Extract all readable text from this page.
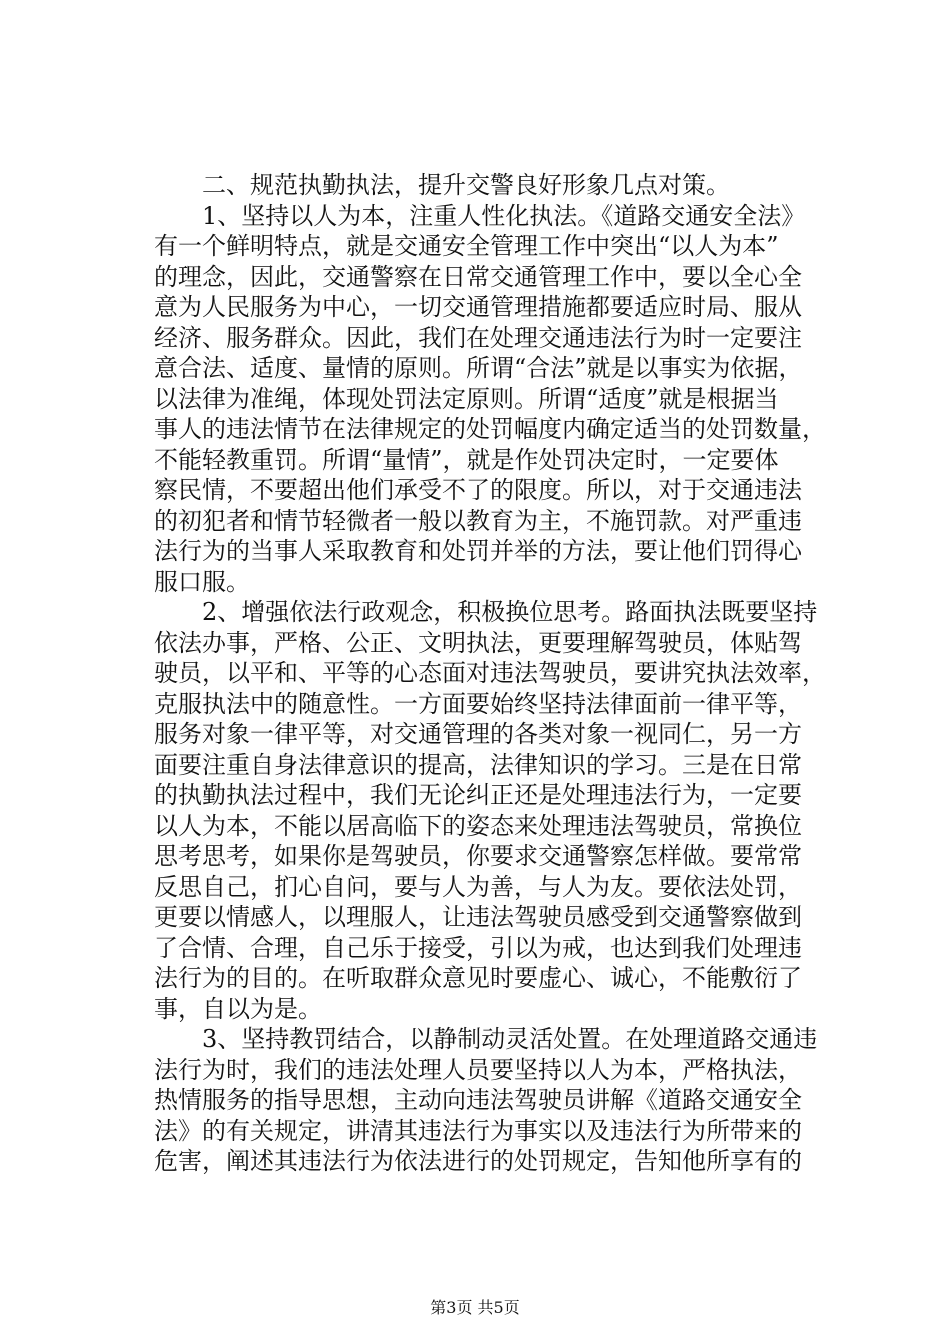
　　二、规范执勤执法，提升交警良好形象几点对策。
　　1、坚持以人为本，注重人性化执法。《道路交通安全法》
有一个鲜明特点，就是交通安全管理工作中突出“以人为本”
的理念，因此，交通警察在日常交通管理工作中，要以全心全
意为人民服务为中心，一切交通管理措施都要适应时局、服从
经济、服务群众。因此，我们在处理交通违法行为时一定要注
意合法、适度、量情的原则。所谓“合法”就是以事实为依据，
以法律为准绳，体现处罚法定原则。所谓“适度”就是根据当
事人的违法情节在法律规定的处罚幅度内确定适当的处罚数量，
不能轻教重罚。所谓“量情”，就是作处罚决定时，一定要体
察民情，不要超出他们承受不了的限度。所以，对于交通违法
的初犯者和情节轻微者一般以教育为主，不施罚款。对严重违
法行为的当事人采取教育和处罚并举的方法，要让他们罚得心
服口服。
　　2、增强依法行政观念，积极换位思考。路面执法既要坚持
依法办事，严格、公正、文明执法，更要理解驾驶员，体贴驾
驶员，以平和、平等的心态面对违法驾驶员，要讲究执法效率，
克服执法中的随意性。一方面要始终坚持法律面前一律平等，
服务对象一律平等，对交通管理的各类对象一视同仁，另一方
面要注重自身法律意识的提高，法律知识的学习。三是在日常
的执勤执法过程中，我们无论纠正还是处理违法行为，一定要
以人为本，不能以居高临下的姿态来处理违法驾驶员，常换位
思考思考，如果你是驾驶员，你要求交通警察怎样做。要常常
反思自己，扪心自问，要与人为善，与人为友。要依法处罚，
更要以情感人，以理服人，让违法驾驶员感受到交通警察做到
了合情、合理，自己乐于接受，引以为戒，也达到我们处理违
法行为的目的。在听取群众意见时要虚心、诚心，不能敷衍了
事，自以为是。
　　3、坚持教罚结合，以静制动灵活处置。在处理道路交通违
法行为时，我们的违法处理人员要坚持以人为本，严格执法，
热情服务的指导思想，主动向违法驾驶员讲解《道路交通安全
法》的有关规定，讲清其违法行为事实以及违法行为所带来的
危害，阐述其违法行为依法进行的处罚规定，告知他所享有的
第3页 共5页
